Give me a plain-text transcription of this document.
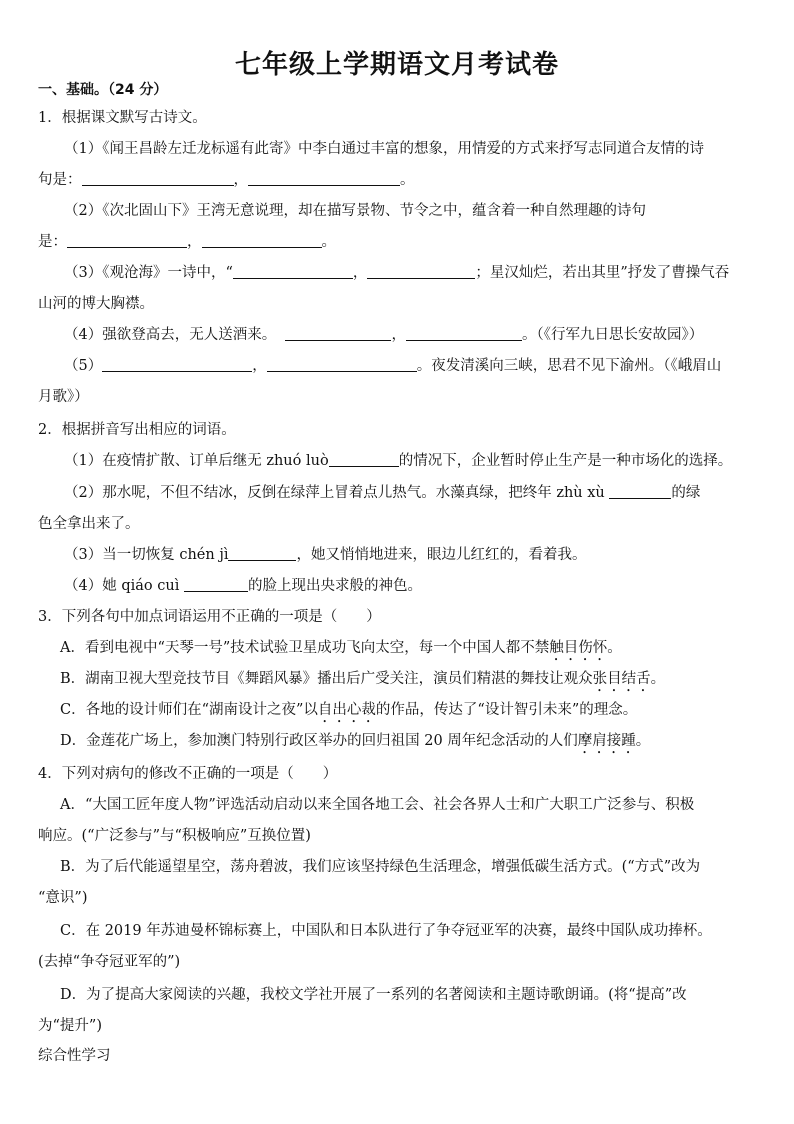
七年级上学期语文月考试卷
一、基础。（24 分）
1．根据课文默写古诗文。
（1）《闻王昌龄左迁龙标遥有此寄》中李白通过丰富的想象，用情爱的方式来抒写志同道合友情的诗
句是：	，	。
（2）《次北固山下》王湾无意说理，却在描写景物、节令之中，蕴含着一种自然理趣的诗句
是：	，	。
（3）《观沧海》一诗中，“	，	；星汉灿烂，若出其里”抒发了曹操气吞
山河的博大胸襟。
（4）强欲登高去，无人送酒来。	，	。（《行军九日思长安故园》）
（5）	，	。夜发清溪向三峡，思君不见下渝州。（《峨眉山
月歌》）
2．根据拼音写出相应的词语。
（1）在疫情扩散、订单后继无 zhuó luò	的情况下，企业暂时停止生产是一种市场化的选择。
（2）那水呢，不但不结冰，反倒在绿萍上冒着点儿热气。水藻真绿，把终年 zhù xù	的绿
色全拿出来了。
（3）当一切恢复 chén jì	，她又悄悄地进来，眼边儿红红的，看着我。
（4）她 qiáo cuì	的脸上现出央求般的神色。
3．下列各句中加点词语运用不正确的一项是（　　）
A．看到电视中“天琴一号”技术试验卫星成功飞向太空，每一个中国人都不禁触目伤怀。
B．湖南卫视大型竞技节目《舞蹈风暴》播出后广受关注，演员们精湛的舞技让观众张目结舌。
C．各地的设计师们在“湖南设计之夜”以自出心裁的作品，传达了“设计智引未来”的理念。
D．金莲花广场上，参加澳门特别行政区举办的回归祖国 20 周年纪念活动的人们摩肩接踵。
4．下列对病句的修改不正确的一项是（　　）
A．“大国工匠年度人物”评选活动启动以来全国各地工会、社会各界人士和广大职工广泛参与、积极
响应。(“广泛参与”与“积极响应”互换位置)
B．为了后代能遥望星空，荡舟碧波，我们应该坚持绿色生活理念，增强低碳生活方式。(“方式”改为
“意识”)
C．在 2019 年苏迪曼杯锦标赛上，中国队和日本队进行了争夺冠亚军的决赛，最终中国队成功捧杯。
(去掉“争夺冠亚军的”)
D．为了提高大家阅读的兴趣，我校文学社开展了一系列的名著阅读和主题诗歌朗诵。(将“提高”改
为“提升”)
综合性学习
